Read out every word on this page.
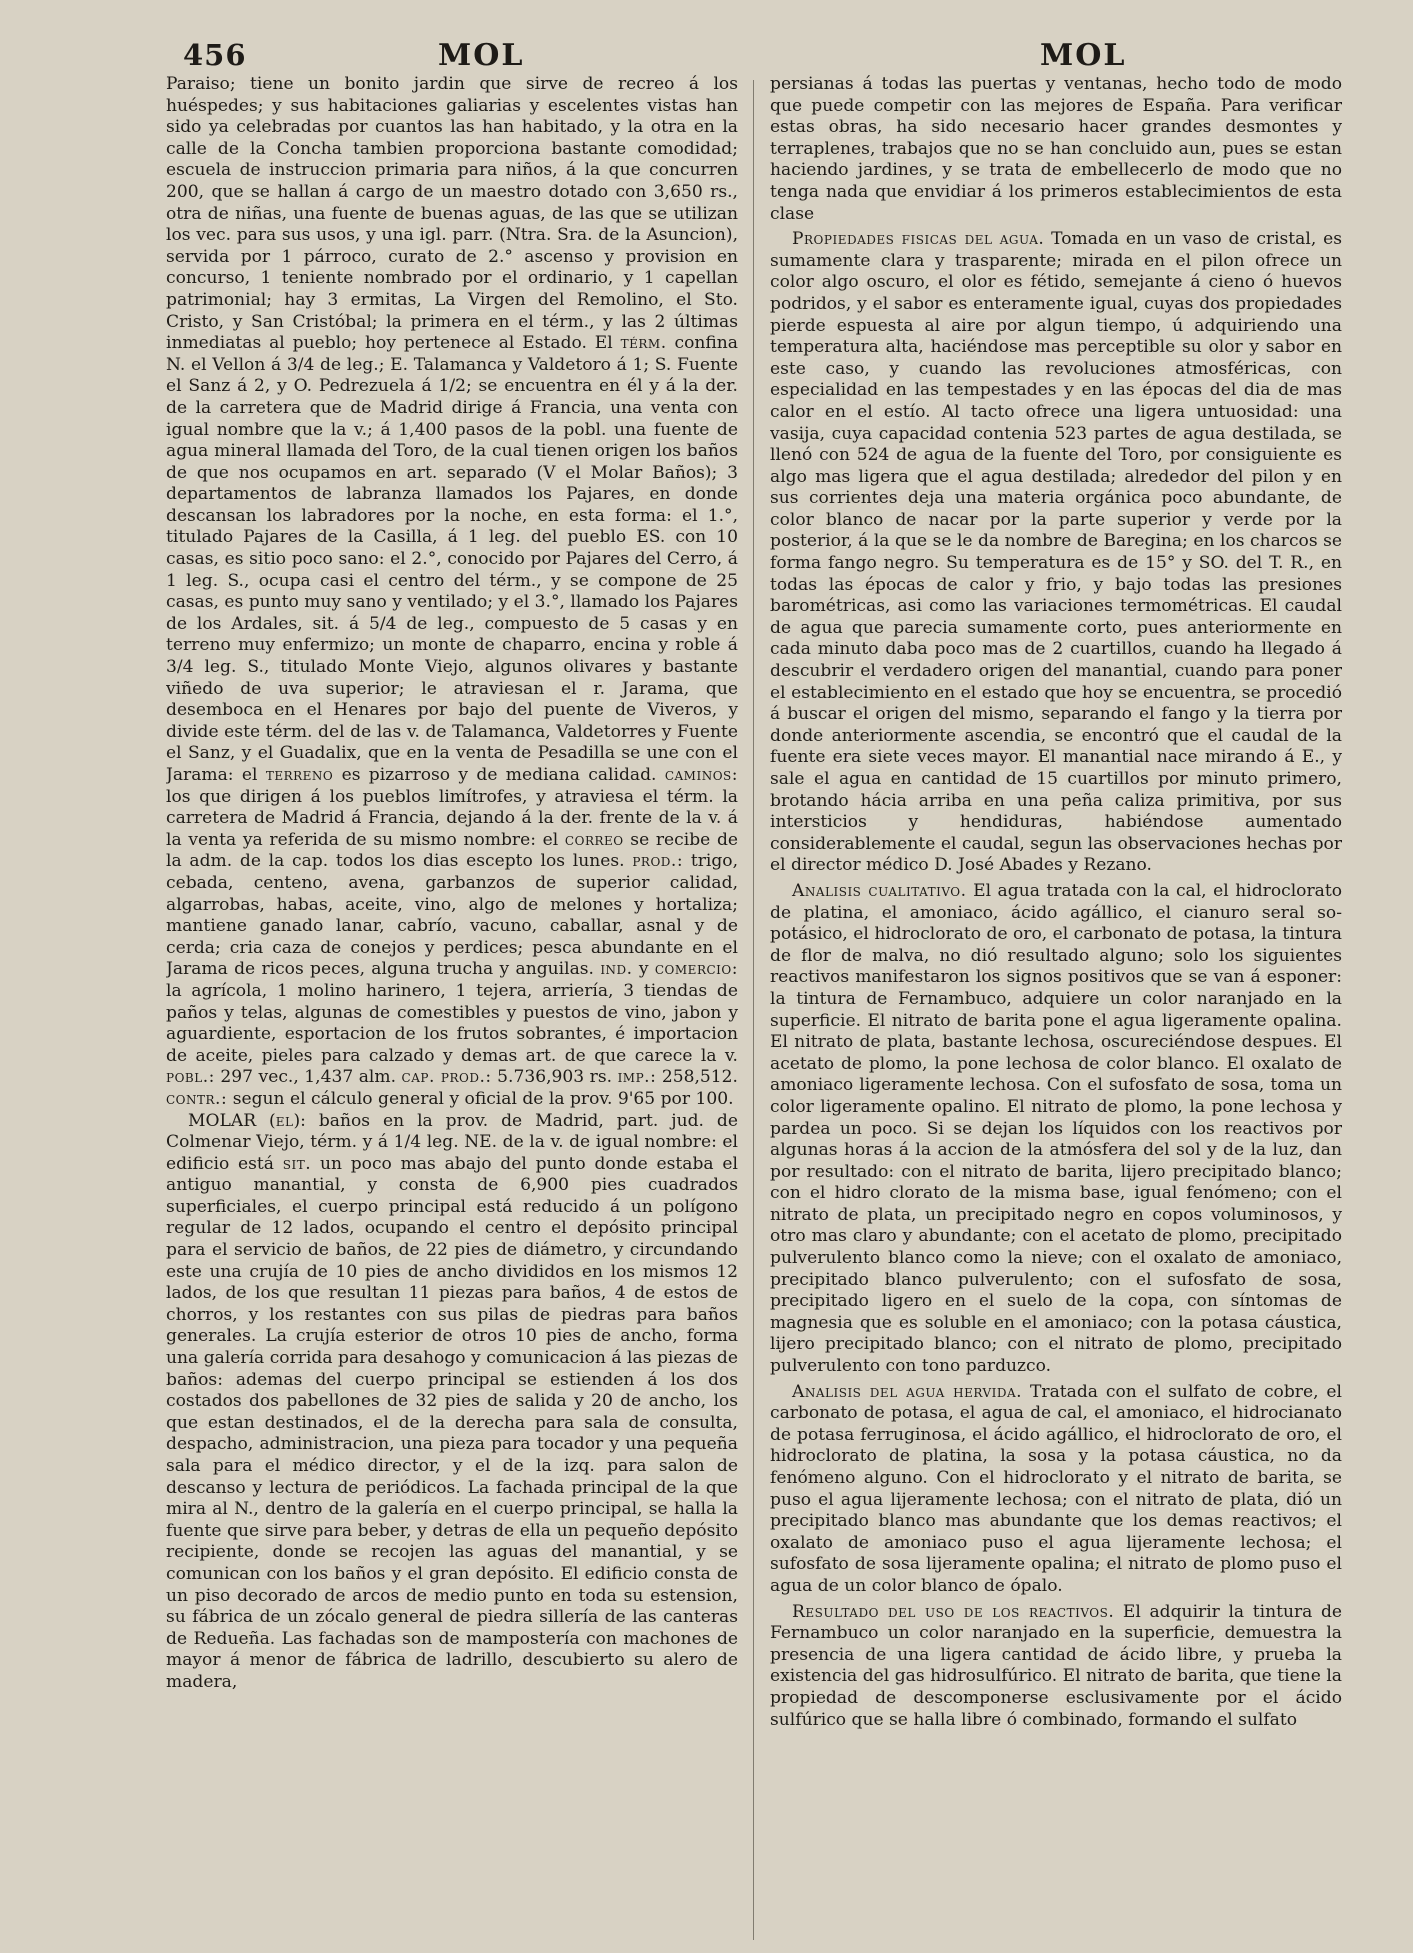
456	MOL	MOL

Paraiso; tiene un bonito jardin que sirve de recreo á los huéspedes; y sus habitaciones galiarias y escelentes vistas han sido ya celebradas por cuantos las han habitado, y la otra en la calle de la Concha tambien proporciona bastante comodidad; escuela de instruccion primaria para niños, á la que concurren 200, que se hallan á cargo de un maestro dotado con 3,650 rs., otra de niñas, una fuente de buenas aguas, de las que se utilizan los vec. para sus usos, y una igl. parr. (Ntra. Sra. de la Asuncion), servida por 1 párroco, curato de 2.° ascenso y provision en concurso, 1 teniente nombrado por el ordinario, y 1 capellan patrimonial; hay 3 ermitas, La Virgen del Remolino, el Sto. Cristo, y San Cristóbal; la primera en el térm., y las 2 últimas inmediatas al pueblo; hoy pertenece al Estado. El térm. confina N. el Vellon á 3/4 de leg.; E. Talamanca y Valdetoro á 1; S. Fuente el Sanz á 2, y O. Pedrezuela á 1/2; se encuentra en él y á la der. de la carretera que de Madrid dirige á Francia, una venta con igual nombre que la v.; á 1,400 pasos de la pobl. una fuente de agua mineral llamada del Toro, de la cual tienen origen los baños de que nos ocupamos en art. separado (V el Molar Baños); 3 departamentos de labranza llamados los Pajares, en donde descansan los labradores por la noche, en esta forma: el 1.°, titulado Pajares de la Casilla, á 1 leg. del pueblo ES. con 10 casas, es sitio poco sano: el 2.°, conocido por Pajares del Cerro, á 1 leg. S., ocupa casi el centro del térm., y se compone de 25 casas, es punto muy sano y ventilado; y el 3.°, llamado los Pajares de los Ardales, sit. á 5/4 de leg., compuesto de 5 casas y en terreno muy enfermizo; un monte de chaparro, encina y roble á 3/4 leg. S., titulado Monte Viejo, algunos olivares y bastante viñedo de uva superior; le atraviesan el r. Jarama, que desemboca en el Henares por bajo del puente de Viveros, y divide este térm. del de las v. de Talamanca, Valdetorres y Fuente el Sanz, y el Guadalix, que en la venta de Pesadilla se une con el Jarama: el terreno es pizarroso y de mediana calidad. caminos: los que dirigen á los pueblos limítrofes, y atraviesa el térm. la carretera de Madrid á Francia, dejando á la der. frente de la v. á la venta ya referida de su mismo nombre: el correo se recibe de la adm. de la cap. todos los dias escepto los lunes. prod.: trigo, cebada, centeno, avena, garbanzos de superior calidad, algarrobas, habas, aceite, vino, algo de melones y hortaliza; mantiene ganado lanar, cabrío, vacuno, caballar, asnal y de cerda; cria caza de conejos y perdices; pesca abundante en el Jarama de ricos peces, alguna trucha y anguilas. ind. y comercio: la agrícola, 1 molino harinero, 1 tejera, arriería, 3 tiendas de paños y telas, algunas de comestibles y puestos de vino, jabon y aguardiente, esportacion de los frutos sobrantes, é importacion de aceite, pieles para calzado y demas art. de que carece la v. pobl.: 297 vec., 1,437 alm. cap. prod.: 5.736,903 rs. imp.: 258,512. contr.: segun el cálculo general y oficial de la prov. 9'65 por 100.

MOLAR (el): baños en la prov. de Madrid, part. jud. de Colmenar Viejo, térm. y á 1/4 leg. NE. de la v. de igual nombre: el edificio está sit. un poco mas abajo del punto donde estaba el antiguo manantial, y consta de 6,900 pies cuadrados superficiales, el cuerpo principal está reducido á un polígono regular de 12 lados, ocupando el centro el depósito principal para el servicio de baños, de 22 pies de diámetro, y circundando este una crujía de 10 pies de ancho divididos en los mismos 12 lados, de los que resultan 11 piezas para baños, 4 de estos de chorros, y los restantes con sus pilas de piedras para baños generales. La crujía esterior de otros 10 pies de ancho, forma una galería corrida para desahogo y comunicacion á las piezas de baños: ademas del cuerpo principal se estienden á los dos costados dos pabellones de 32 pies de salida y 20 de ancho, los que estan destinados, el de la derecha para sala de consulta, despacho, administracion, una pieza para tocador y una pequeña sala para el médico director, y el de la izq. para salon de descanso y lectura de periódicos. La fachada principal de la que mira al N., dentro de la galería en el cuerpo principal, se halla la fuente que sirve para beber, y detras de ella un pequeño depósito recipiente, donde se recojen las aguas del manantial, y se comunican con los baños y el gran depósito. El edificio consta de un piso decorado de arcos de medio punto en toda su estension, su fábrica de un zócalo general de piedra sillería de las canteras de Redueña. Las fachadas son de mampostería con machones de mayor á menor de fábrica de ladrillo, descubierto su alero de madera,

persianas á todas las puertas y ventanas, hecho todo de modo que puede competir con las mejores de España. Para verificar estas obras, ha sido necesario hacer grandes desmontes y terraplenes, trabajos que no se han concluido aun, pues se estan haciendo jardines, y se trata de embellecerlo de modo que no tenga nada que envidiar á los primeros establecimientos de esta clase

Propiedades fisicas del agua. Tomada en un vaso de cristal, es sumamente clara y trasparente; mirada en el pilon ofrece un color algo oscuro, el olor es fétido, semejante á cieno ó huevos podridos, y el sabor es enteramente igual, cuyas dos propiedades pierde espuesta al aire por algun tiempo, ú adquiriendo una temperatura alta, haciéndose mas perceptible su olor y sabor en este caso, y cuando las revoluciones atmosféricas, con especialidad en las tempestades y en las épocas del dia de mas calor en el estío. Al tacto ofrece una ligera untuosidad: una vasija, cuya capacidad contenia 523 partes de agua destilada, se llenó con 524 de agua de la fuente del Toro, por consiguiente es algo mas ligera que el agua destilada; alrededor del pilon y en sus corrientes deja una materia orgánica poco abundante, de color blanco de nacar por la parte superior y verde por la posterior, á la que se le da nombre de Baregina; en los charcos se forma fango negro. Su temperatura es de 15° y SO. del T. R., en todas las épocas de calor y frio, y bajo todas las presiones barométricas, asi como las variaciones termométricas. El caudal de agua que parecia sumamente corto, pues anteriormente en cada minuto daba poco mas de 2 cuartillos, cuando ha llegado á descubrir el verdadero origen del manantial, cuando para poner el establecimiento en el estado que hoy se encuentra, se procedió á buscar el origen del mismo, separando el fango y la tierra por donde anteriormente ascendia, se encontró que el caudal de la fuente era siete veces mayor. El manantial nace mirando á E., y sale el agua en cantidad de 15 cuartillos por minuto primero, brotando hácia arriba en una peña caliza primitiva, por sus intersticios y hendiduras, habiéndose aumentado considerablemente el caudal, segun las observaciones hechas por el director médico D. José Abades y Rezano.

Analisis cualitativo. El agua tratada con la cal, el hidroclorato de platina, el amoniaco, ácido agállico, el cianuro seral so-potásico, el hidroclorato de oro, el carbonato de potasa, la tintura de flor de malva, no dió resultado alguno; solo los siguientes reactivos manifestaron los signos positivos que se van á esponer: la tintura de Fernambuco, adquiere un color naranjado en la superficie. El nitrato de barita pone el agua ligeramente opalina. El nitrato de plata, bastante lechosa, oscureciéndose despues. El acetato de plomo, la pone lechosa de color blanco. El oxalato de amoniaco ligeramente lechosa. Con el sufosfato de sosa, toma un color ligeramente opalino. El nitrato de plomo, la pone lechosa y pardea un poco. Si se dejan los líquidos con los reactivos por algunas horas á la accion de la atmósfera del sol y de la luz, dan por resultado: con el nitrato de barita, lijero precipitado blanco; con el hidro clorato de la misma base, igual fenómeno; con el nitrato de plata, un precipitado negro en copos voluminosos, y otro mas claro y abundante; con el acetato de plomo, precipitado pulverulento blanco como la nieve; con el oxalato de amoniaco, precipitado blanco pulverulento; con el sufosfato de sosa, precipitado ligero en el suelo de la copa, con síntomas de magnesia que es soluble en el amoniaco; con la potasa cáustica, lijero precipitado blanco; con el nitrato de plomo, precipitado pulverulento con tono parduzco.

Analisis del agua hervida. Tratada con el sulfato de cobre, el carbonato de potasa, el agua de cal, el amoniaco, el hidrocianato de potasa ferruginosa, el ácido agállico, el hidroclorato de oro, el hidroclorato de platina, la sosa y la potasa cáustica, no da fenómeno alguno. Con el hidroclorato y el nitrato de barita, se puso el agua lijeramente lechosa; con el nitrato de plata, dió un precipitado blanco mas abundante que los demas reactivos; el oxalato de amoniaco puso el agua lijeramente lechosa; el sufosfato de sosa lijeramente opalina; el nitrato de plomo puso el agua de un color blanco de ópalo.

Resultado del uso de los reactivos. El adquirir la tintura de Fernambuco un color naranjado en la superficie, demuestra la presencia de una ligera cantidad de ácido libre, y prueba la existencia del gas hidrosulfúrico. El nitrato de barita, que tiene la propiedad de descomponerse esclusivamente por el ácido sulfúrico que se halla libre ó combinado, formando el sulfato
